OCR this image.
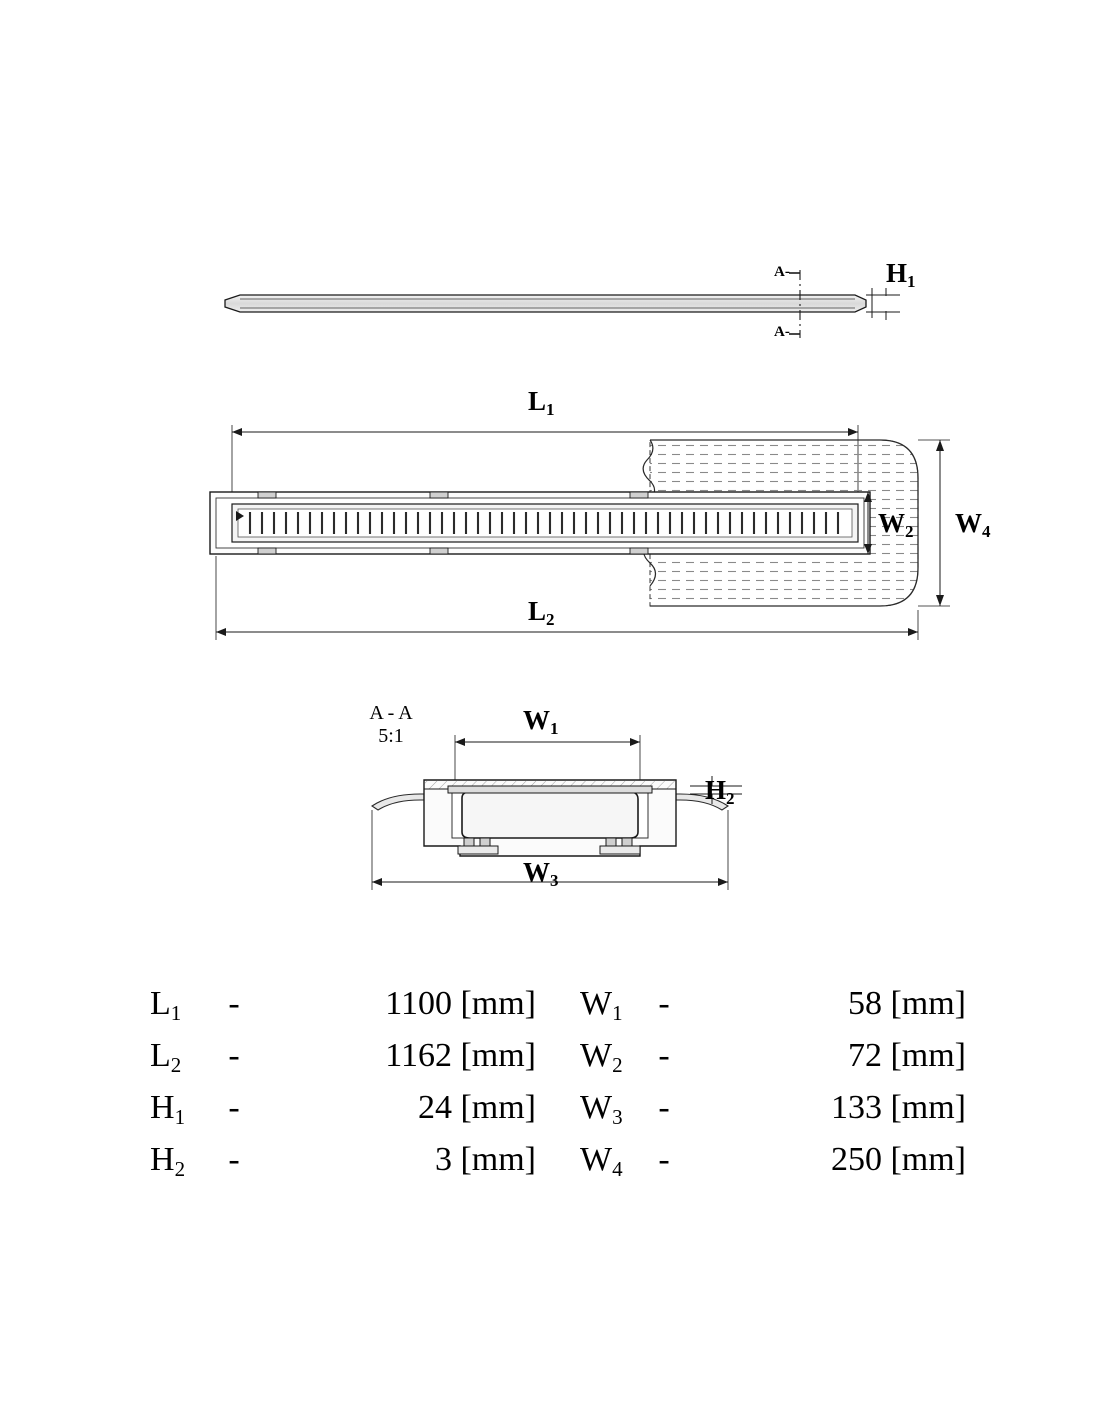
$H_1$
A-
A-
$L_1$
$L_2$
$W_2$ $W_4$
A - A
5:1
$W_1$
$H_2$
$W_3$
$L_1$	-	1100 [mm] $W_1$	-	58 [mm]
$L_2$	-	1162 [mm] $W_2$	-	72 [mm]
$H_1$	-	24 [mm] $W_3$	-	133 [mm]
$H_2$	-	3 [mm] $W_4$	-	250 [mm]
